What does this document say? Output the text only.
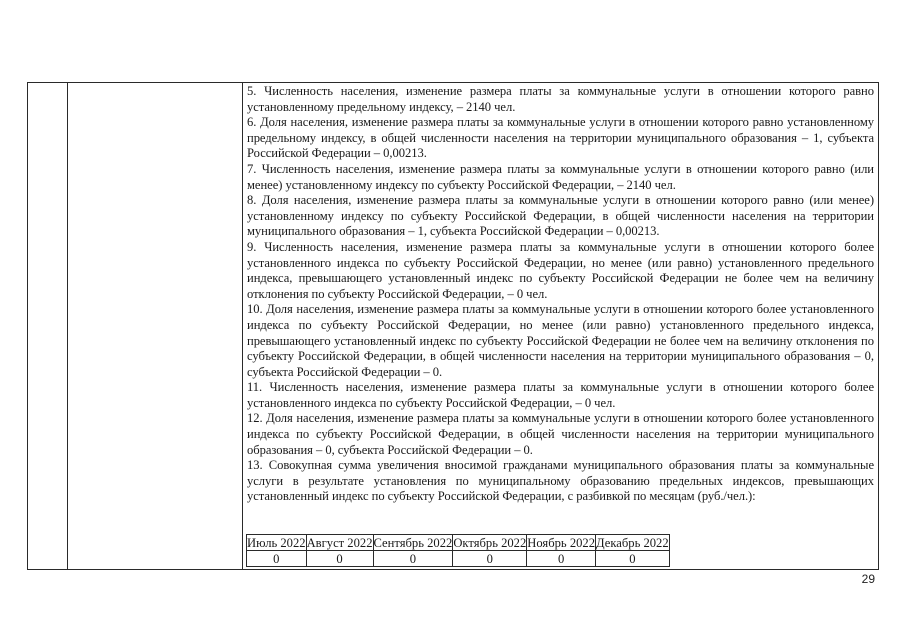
5. Численность населения, изменение размера платы за коммунальные услуги в отношении которого равно установленному предельному индексу, – 2140 чел.

6. Доля населения, изменение размера платы за коммунальные услуги в отношении которого равно установленному предельному индексу, в общей численности населения на территории муниципального образования – 1, субъекта Российской Федерации – 0,00213.

7. Численность населения, изменение размера платы за коммунальные услуги в отношении которого равно (или менее) установленному индексу по субъекту Российской Федерации, – 2140 чел.

8. Доля населения, изменение размера платы за коммунальные услуги в отношении которого равно (или менее) установленному индексу по субъекту Российской Федерации, в общей численности населения на территории муниципального образования – 1, субъекта Российской Федерации – 0,00213.

9. Численность населения, изменение размера платы за коммунальные услуги в отношении которого более установленного индекса по субъекту Российской Федерации, но менее (или равно) установленного предельного индекса, превышающего установленный индекс по субъекту Российской Федерации не более чем на величину отклонения по субъекту Российской Федерации, – 0 чел.

10. Доля населения, изменение размера платы за коммунальные услуги в отношении которого более установленного индекса по субъекту Российской Федерации, но менее (или равно) установленного предельного индекса, превышающего установленный индекс по субъекту Российской Федерации не более чем на величину отклонения по субъекту Российской Федерации, в общей численности населения на территории муниципального образования – 0, субъекта Российской Федерации – 0.

11. Численность населения, изменение размера платы за коммунальные услуги в отношении которого более установленного индекса по субъекту Российской Федерации, – 0 чел.

12. Доля населения, изменение размера платы за коммунальные услуги в отношении которого более установленного индекса по субъекту Российской Федерации, в общей численности населения на территории муниципального образования – 0, субъекта Российской Федерации – 0.

13. Совокупная сумма увеличения вносимой гражданами муниципального образования платы за коммунальные услуги в результате установления по муниципальному образованию предельных индексов, превышающих установленный индекс по субъекту Российской Федерации, с разбивкой по месяцам (руб./чел.):

Июль 2022	Август 2022	Сентябрь 2022	Октябрь 2022	Ноябрь 2022	Декабрь 2022
0	0	0	0	0	0
29
